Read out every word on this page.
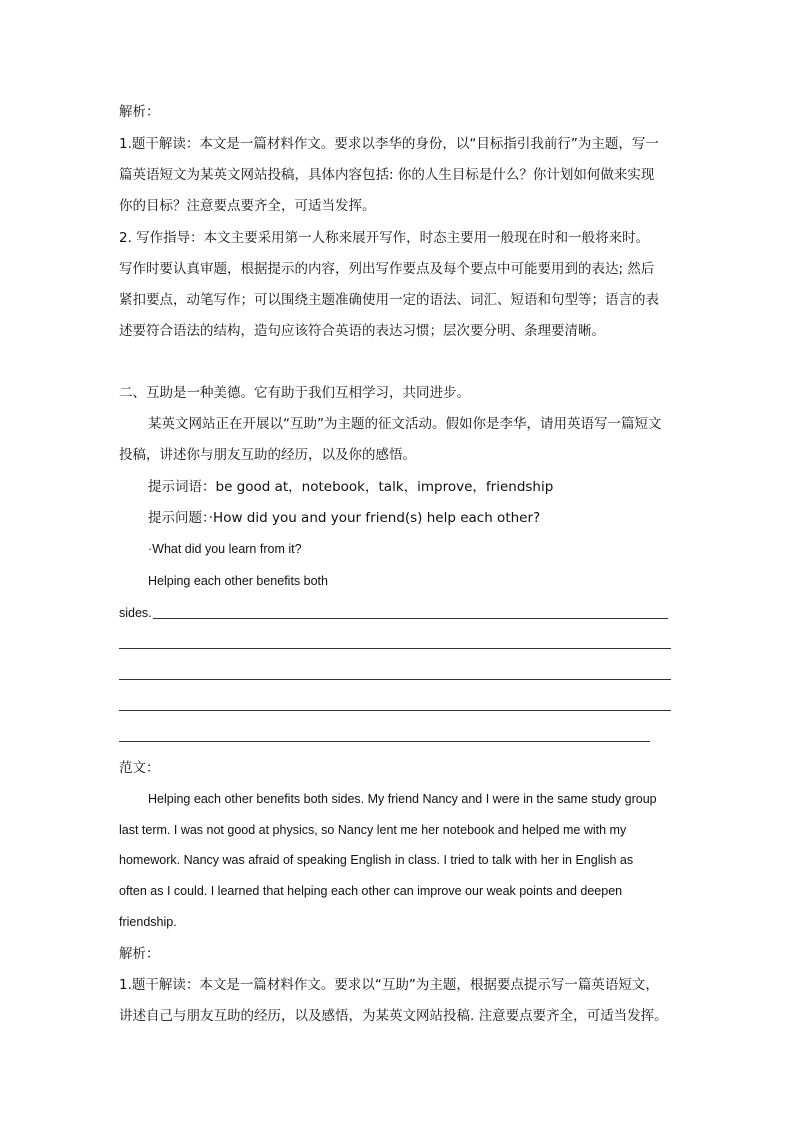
解析：
1.题干解读：本文是一篇材料作文。要求以李华的身份，以“目标指引我前行”为主题，写一
篇英语短文为某英文网站投稿，具体内容包括: 你的人生目标是什么？你计划如何做来实现
你的目标？注意要点要齐全，可适当发挥。
2. 写作指导：本文主要采用第一人称来展开写作，时态主要用一般现在时和一般将来时。
写作时要认真审题，根据提示的内容，列出写作要点及每个要点中可能要用到的表达; 然后
紧扣要点，动笔写作；可以围绕主题准确使用一定的语法、词汇、短语和句型等；语言的表
述要符合语法的结构，造句应该符合英语的表达习惯；层次要分明、条理要清晰。
二、互助是一种美德。它有助于我们互相学习，共同进步。
某英文网站正在开展以“互助”为主题的征文活动。假如你是李华，请用英语写一篇短文
投稿，讲述你与朋友互助的经历，以及你的感悟。
提示词语：be good at，notebook，talk，improve，friendship
提示问题：·How did you and your friend(s) help each other?
·What did you learn from it?
Helping each other benefits both
sides.
范文：
Helping each other benefits both sides. My friend Nancy and I were in the same study group
last term. I was not good at physics, so Nancy lent me her notebook and helped me with my
homework. Nancy was afraid of speaking English in class. I tried to talk with her in English as
often as I could. I learned that helping each other can improve our weak points and deepen
friendship.
解析：
1.题干解读：本文是一篇材料作文。要求以“互助”为主题，根据要点提示写一篇英语短文，
讲述自己与朋友互助的经历，以及感悟，为某英文网站投稿. 注意要点要齐全，可适当发挥。
